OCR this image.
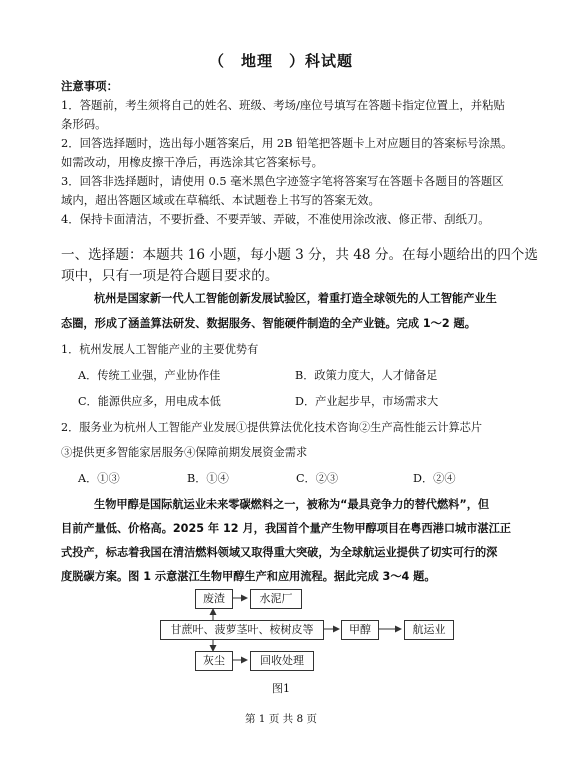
（　地理　）科试题
注意事项：
1．答题前，考生须将自己的姓名、班级、考场/座位号填写在答题卡指定位置上，并粘贴
条形码。
2．回答选择题时，选出每小题答案后，用 2B 铅笔把答题卡上对应题目的答案标号涂黑。
如需改动，用橡皮擦干净后，再选涂其它答案标号。
3．回答非选择题时，请使用 0.5 毫米黑色字迹签字笔将答案写在答题卡各题目的答题区
域内，超出答题区域或在草稿纸、本试题卷上书写的答案无效。
4．保持卡面清洁，不要折叠、不要弄皱、弄破，不准使用涂改液、修正带、刮纸刀。
一、选择题：本题共 16 小题，每小题 3 分，共 48 分。在每小题给出的四个选
项中，只有一项是符合题目要求的。
杭州是国家新一代人工智能创新发展试验区，着重打造全球领先的人工智能产业生
态圈，形成了涵盖算法研发、数据服务、智能硬件制造的全产业链。完成 1～2 题。
1．杭州发展人工智能产业的主要优势有
A．传统工业强，产业协作佳	B．政策力度大，人才储备足
C．能源供应多，用电成本低	D．产业起步早，市场需求大
2．服务业为杭州人工智能产业发展①提供算法优化技术咨询②生产高性能云计算芯片
③提供更多智能家居服务④保障前期发展资金需求
A．①③	B．①④	C．②③	D．②④
生物甲醇是国际航运业未来零碳燃料之一，被称为“最具竞争力的替代燃料”，但
目前产量低、价格高。2025 年 12 月，我国首个量产生物甲醇项目在粤西港口城市湛江正
式投产，标志着我国在清洁燃料领域又取得重大突破，为全球航运业提供了切实可行的深
度脱碳方案。图 1 示意湛江生物甲醇生产和应用流程。据此完成 3～4 题。
废渣	水泥厂
甘蔗叶、菠萝茎叶、桉树皮等	甲醇	航运业
灰尘	回收处理
图1
第 1 页 共 8 页
